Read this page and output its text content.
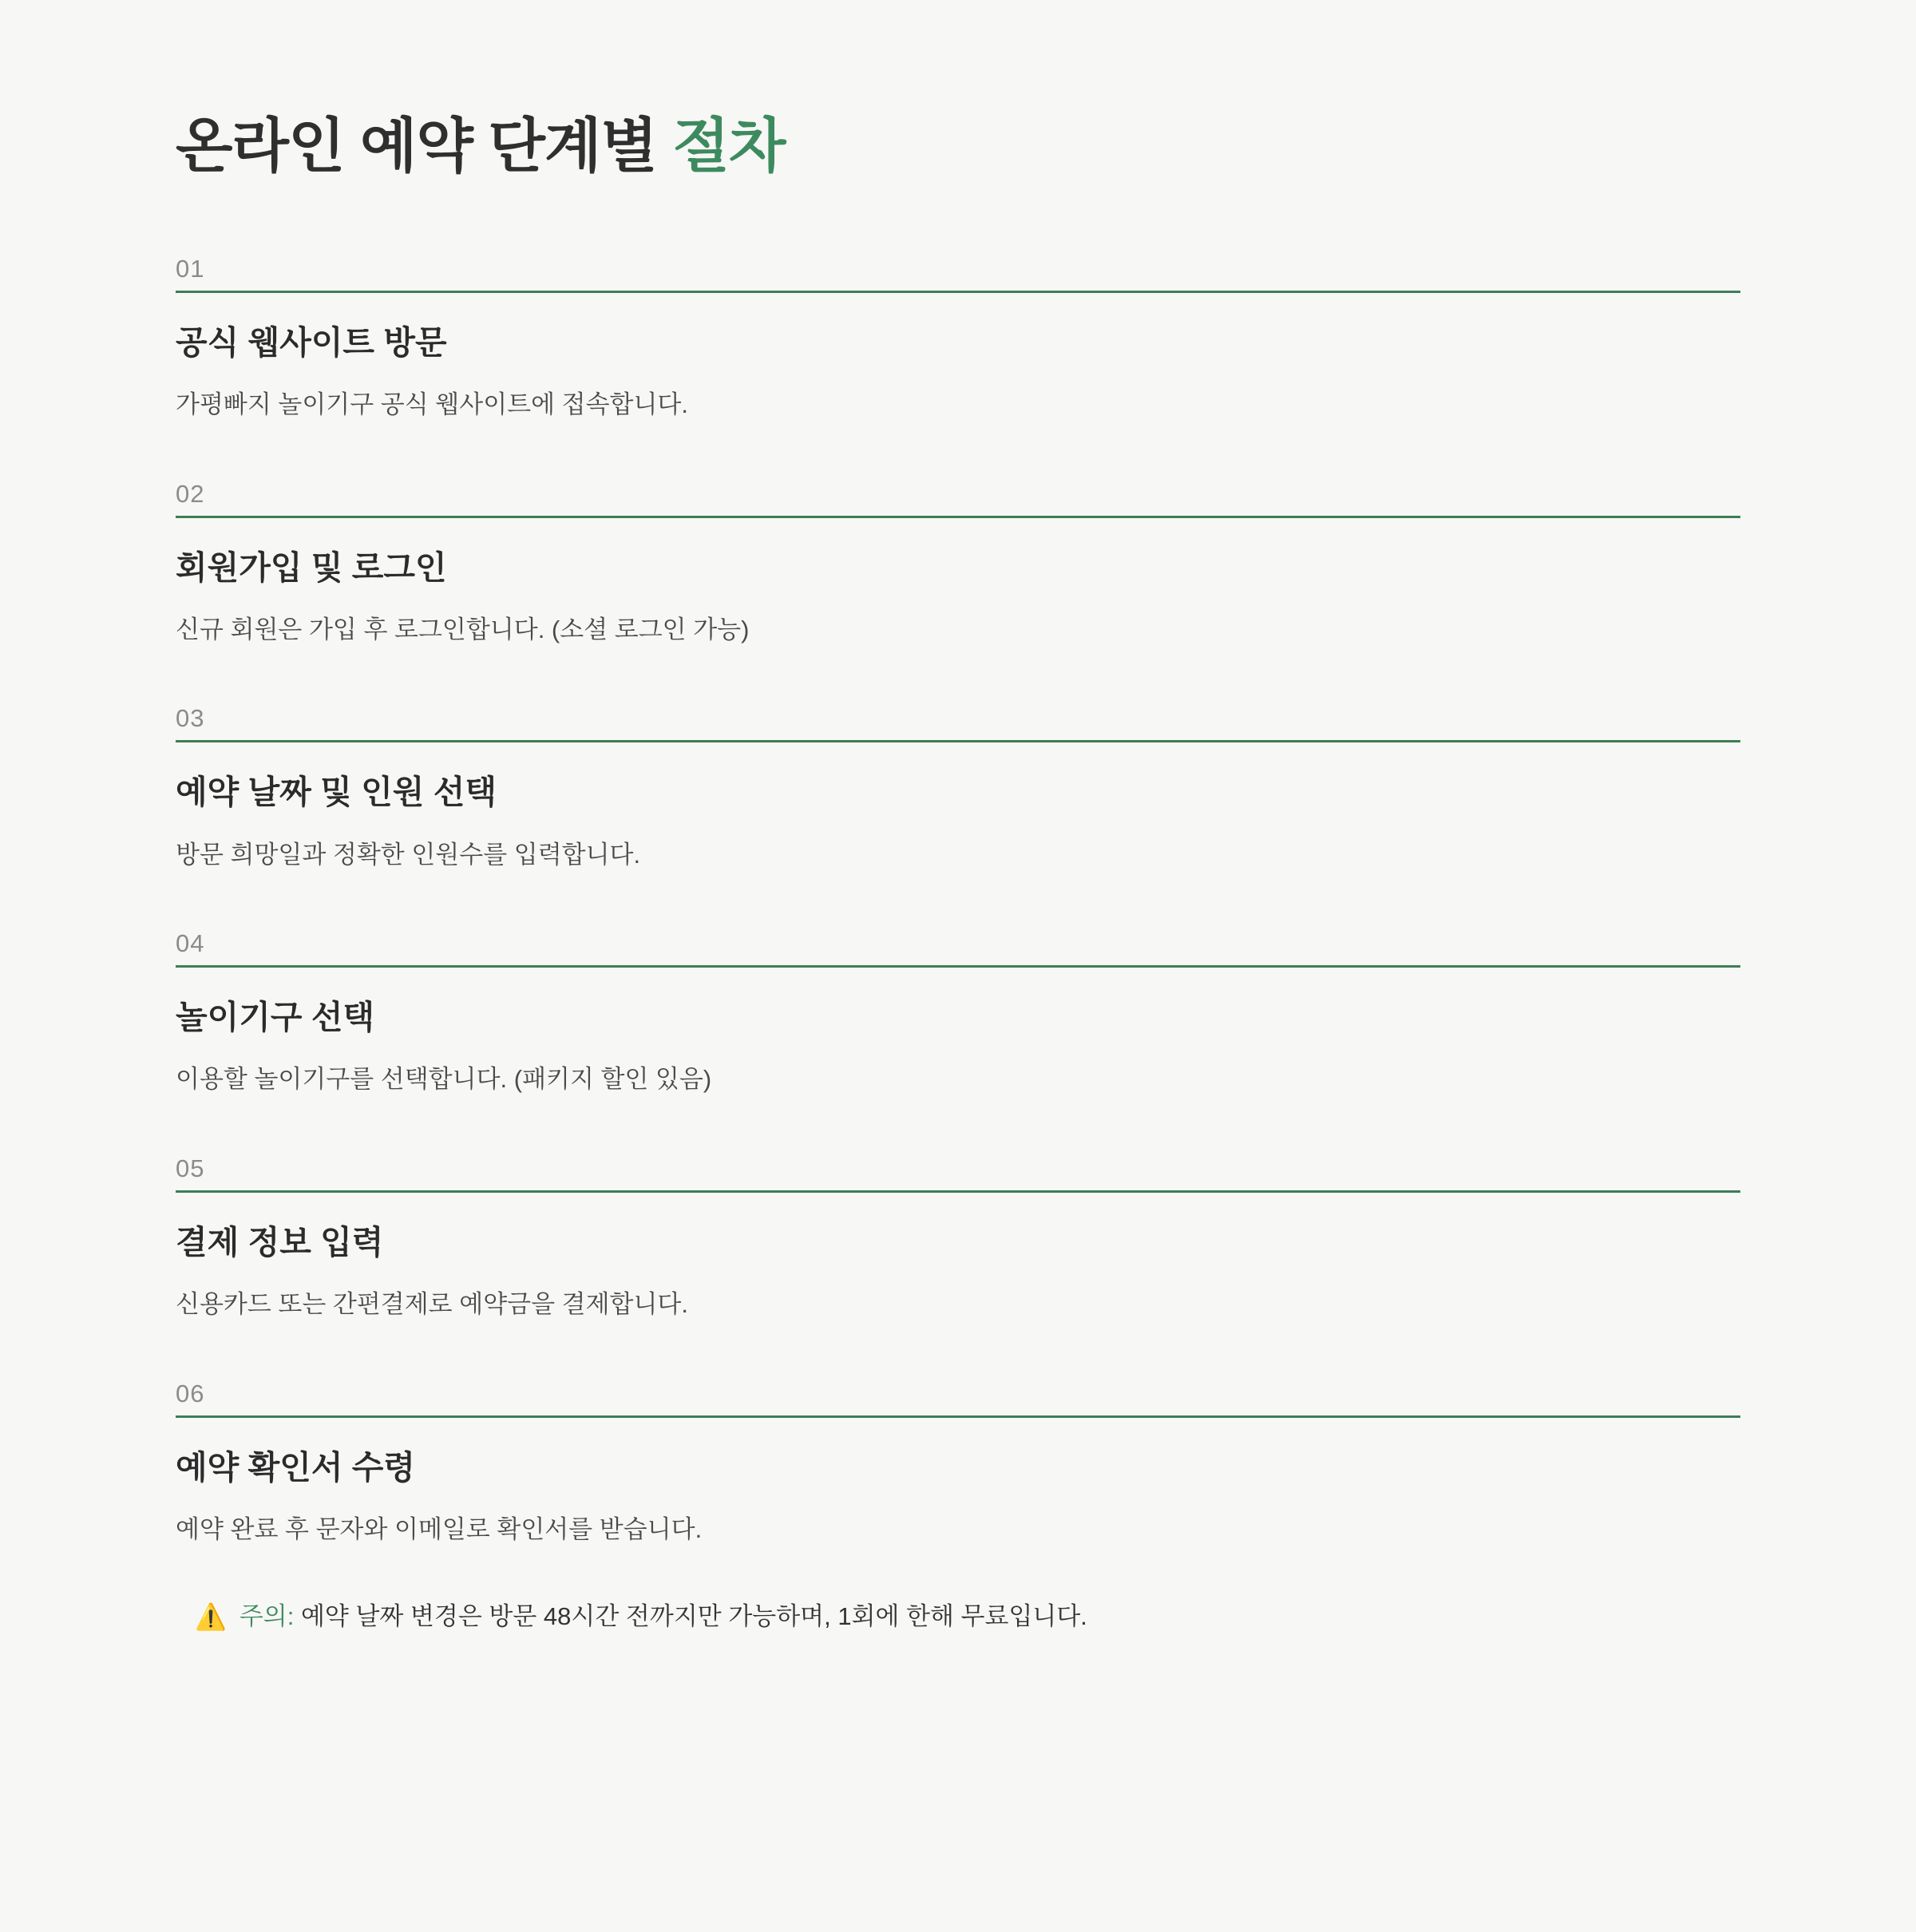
온라인 예약 단계별 절차
01
공식 웹사이트 방문

가평빠지 놀이기구 공식 웹사이트에 접속합니다.

02
회원가입 및 로그인

신규 회원은 가입 후 로그인합니다. (소셜 로그인 가능)

03
예약 날짜 및 인원 선택

방문 희망일과 정확한 인원수를 입력합니다.

04
놀이기구 선택

이용할 놀이기구를 선택합니다. (패키지 할인 있음)

05
결제 정보 입력

신용카드 또는 간편결제로 예약금을 결제합니다.

06
예약 확인서 수령

예약 완료 후 문자와 이메일로 확인서를 받습니다.

⚠️ 주의: 예약 날짜 변경은 방문 48시간 전까지만 가능하며, 1회에 한해 무료입니다.
